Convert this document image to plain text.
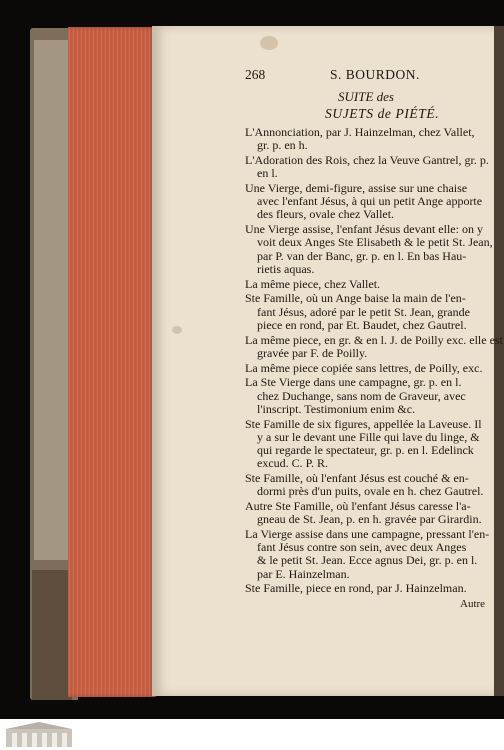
268	S. BOURDON.
SUITE des
SUJETS de PIÉTÉ.
L'Annonciation, par J. Hainzelman, chez Vallet,
gr. p. en h.
L'Adoration des Rois, chez la Veuve Gantrel, gr. p.
en l.
Une Vierge, demi-figure, assise sur une chaise
avec l'enfant Jésus, à qui un petit Ange apporte
des fleurs, ovale chez Vallet.
Une Vierge assise, l'enfant Jésus devant elle: on y
voit deux Anges Ste Elisabeth & le petit St. Jean,
par P. van der Banc, gr. p. en l. En bas Hau-
rietis aquas.
La même piece, chez Vallet.
Ste Famille, où un Ange baise la main de l'en-
fant Jésus, adoré par le petit St. Jean, grande
piece en rond, par Et. Baudet, chez Gautrel.
La même piece, en gr. & en l. J. de Poilly exc. elle est
gravée par F. de Poilly.
La même piece copiée sans lettres, de Poilly, exc.
La Ste Vierge dans une campagne, gr. p. en l.
chez Duchange, sans nom de Graveur, avec
l'inscript. Testimonium enim &c.
Ste Famille de six figures, appellée la Laveuse. Il
y a sur le devant une Fille qui lave du linge, &
qui regarde le spectateur, gr. p. en l. Edelinck
excud. C. P. R.
Ste Famille, où l'enfant Jésus est couché & en-
dormi près d'un puits, ovale en h. chez Gautrel.
Autre Ste Famille, où l'enfant Jésus caresse l'a-
gneau de St. Jean, p. en h. gravée par Girardin.
La Vierge assise dans une campagne, pressant l'en-
fant Jésus contre son sein, avec deux Anges
& le petit St. Jean. Ecce agnus Dei, gr. p. en l.
par E. Hainzelman.
Ste Famille, piece en rond, par J. Hainzelman.
Autre
